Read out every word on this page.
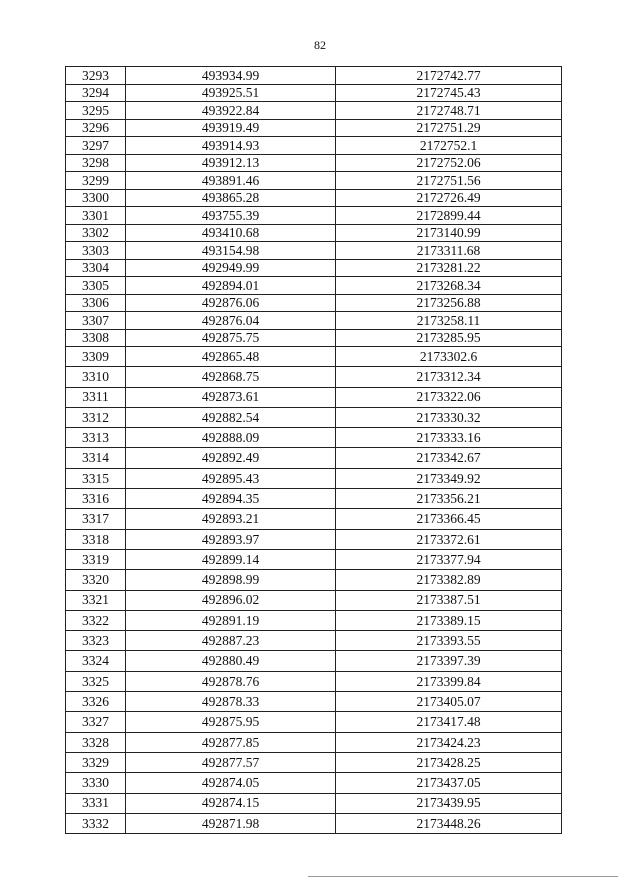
82
3293	493934.99	2172742.77
3294	493925.51	2172745.43
3295	493922.84	2172748.71
3296	493919.49	2172751.29
3297	493914.93	2172752.1
3298	493912.13	2172752.06
3299	493891.46	2172751.56
3300	493865.28	2172726.49
3301	493755.39	2172899.44
3302	493410.68	2173140.99
3303	493154.98	2173311.68
3304	492949.99	2173281.22
3305	492894.01	2173268.34
3306	492876.06	2173256.88
3307	492876.04	2173258.11
3308	492875.75	2173285.95
3309	492865.48	2173302.6
3310	492868.75	2173312.34
3311	492873.61	2173322.06
3312	492882.54	2173330.32
3313	492888.09	2173333.16
3314	492892.49	2173342.67
3315	492895.43	2173349.92
3316	492894.35	2173356.21
3317	492893.21	2173366.45
3318	492893.97	2173372.61
3319	492899.14	2173377.94
3320	492898.99	2173382.89
3321	492896.02	2173387.51
3322	492891.19	2173389.15
3323	492887.23	2173393.55
3324	492880.49	2173397.39
3325	492878.76	2173399.84
3326	492878.33	2173405.07
3327	492875.95	2173417.48
3328	492877.85	2173424.23
3329	492877.57	2173428.25
3330	492874.05	2173437.05
3331	492874.15	2173439.95
3332	492871.98	2173448.26
